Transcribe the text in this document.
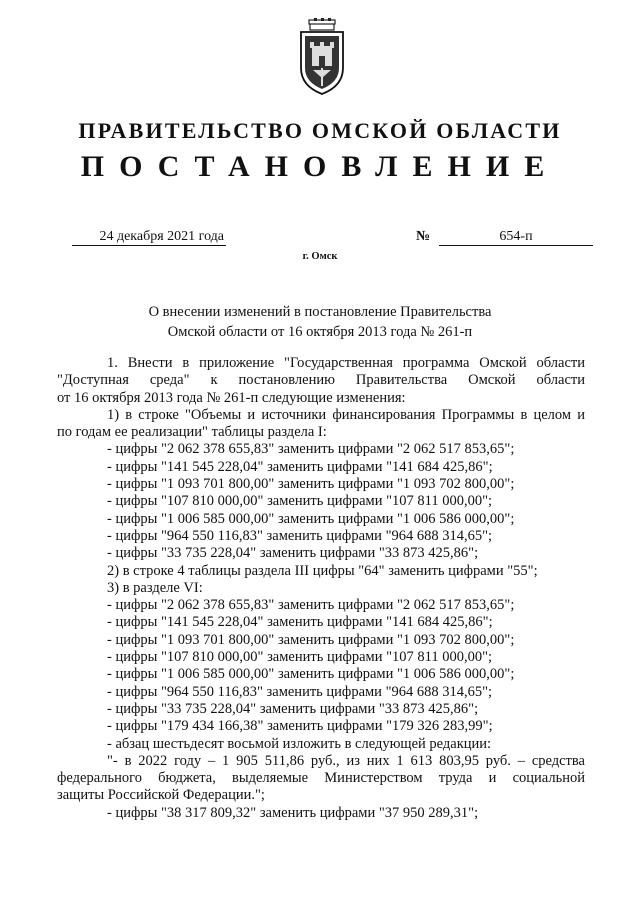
ПРАВИТЕЛЬСТВО ОМСКОЙ ОБЛАСТИ
ПОСТАНОВЛЕНИЕ
24 декабря 2021 года	№	654-п
г. Омск
О внесении изменений в постановление Правительства
Омской области от 16 октября 2013 года № 261-п
1. Внести в приложение "Государственная программа Омской области
"Доступная среда" к постановлению Правительства Омской области
от 16 октября 2013 года № 261-п следующие изменения:
1) в строке "Объемы и источники финансирования Программы в целом и
по годам ее реализации" таблицы раздела I:
- цифры "2 062 378 655,83" заменить цифрами "2 062 517 853,65";
- цифры "141 545 228,04" заменить цифрами "141 684 425,86";
- цифры "1 093 701 800,00" заменить цифрами "1 093 702 800,00";
- цифры "107 810 000,00" заменить цифрами "107 811 000,00";
- цифры "1 006 585 000,00" заменить цифрами "1 006 586 000,00";
- цифры "964 550 116,83" заменить цифрами "964 688 314,65";
- цифры "33 735 228,04" заменить цифрами "33 873 425,86";
2) в строке 4 таблицы раздела III цифры "64" заменить цифрами "55";
3) в разделе VI:
- цифры "2 062 378 655,83" заменить цифрами "2 062 517 853,65";
- цифры "141 545 228,04" заменить цифрами "141 684 425,86";
- цифры "1 093 701 800,00" заменить цифрами "1 093 702 800,00";
- цифры "107 810 000,00" заменить цифрами "107 811 000,00";
- цифры "1 006 585 000,00" заменить цифрами "1 006 586 000,00";
- цифры "964 550 116,83" заменить цифрами "964 688 314,65";
- цифры "33 735 228,04" заменить цифрами "33 873 425,86";
- цифры "179 434 166,38" заменить цифрами "179 326 283,99";
- абзац шестьдесят восьмой изложить в следующей редакции:
"- в 2022 году – 1 905 511,86 руб., из них 1 613 803,95 руб. – средства
федерального бюджета, выделяемые Министерством труда и социальной
защиты Российской Федерации.";
- цифры "38 317 809,32" заменить цифрами "37 950 289,31";
